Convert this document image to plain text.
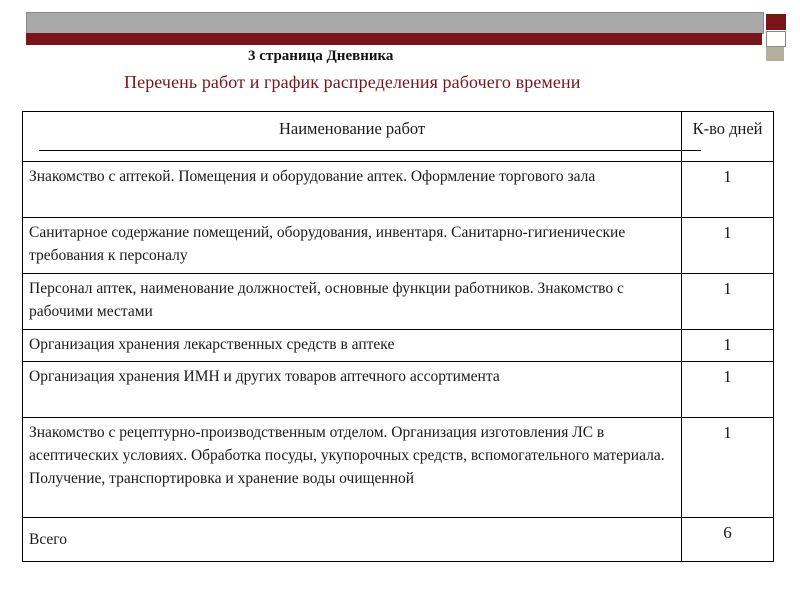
3 страница Дневника
Перечень работ и график распределения рабочего времени
Наименование работ	К-во дней
Знакомство с аптекой. Помещения и оборудование аптек. Оформление торгового зала	1
Санитарное содержание помещений, оборудования, инвентаря. Санитарно-гигиенические требования к персоналу	1
Персонал аптек, наименование должностей, основные функции работников. Знакомство с рабочими местами	1
Организация хранения лекарственных средств в аптеке	1
Организация хранения ИМН и других товаров аптечного ассортимента	1
Знакомство с рецептурно-производственным отделом. Организация изготовления ЛС в асептических условиях. Обработка посуды, укупорочных средств, вспомогательного материала. Получение, транспортировка и хранение воды очищенной	1
Всего	6
